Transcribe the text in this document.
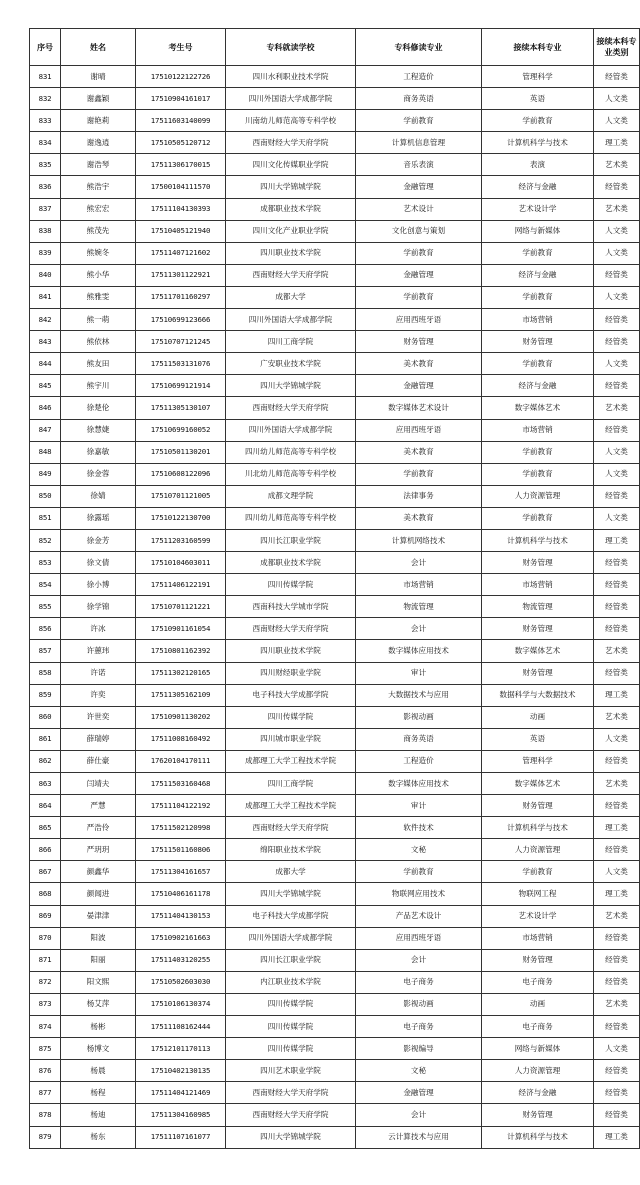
序号	姓名	考生号	专科就读学校	专科修读专业	接续本科专业	接续本科专业类别
831	谢晴	17510122122726	四川水利职业技术学院	工程造价	管理科学	经管类
832	谢鑫颖	17510904161017	四川外国语大学成都学院	商务英语	英语	人文类
833	谢艳莉	17511603140099	川南幼儿师范高等专科学校	学前教育	学前教育	人文类
834	谢逸逍	17510505120712	西南财经大学天府学院	计算机信息管理	计算机科学与技术	理工类
835	谢浩琴	17511306170015	四川文化传媒职业学院	音乐表演	表演	艺术类
836	熊浩宇	17500104111570	四川大学锦城学院	金融管理	经济与金融	经管类
837	熊宏宏	17511104130393	成都职业技术学院	艺术设计	艺术设计学	艺术类
838	熊茂先	17510405121940	四川文化产业职业学院	文化创意与策划	网络与新媒体	人文类
839	熊婉冬	17511407121602	四川职业技术学院	学前教育	学前教育	人文类
840	熊小华	17511301122921	西南财经大学天府学院	金融管理	经济与金融	经管类
841	熊雅雯	17511701160297	成都大学	学前教育	学前教育	人文类
842	熊一萌	17510699123666	四川外国语大学成都学院	应用西班牙语	市场营销	经管类
843	熊依林	17510707121245	四川工商学院	财务管理	财务管理	经管类
844	熊友田	17511503131076	广安职业技术学院	美术教育	学前教育	人文类
845	熊宇川	17510699121914	四川大学锦城学院	金融管理	经济与金融	经管类
846	徐楚伦	17511305130107	西南财经大学天府学院	数字媒体艺术设计	数字媒体艺术	艺术类
847	徐慧婕	17510699160052	四川外国语大学成都学院	应用西班牙语	市场营销	经管类
848	徐嘉敏	17510501130201	四川幼儿师范高等专科学校	美术教育	学前教育	人文类
849	徐金蓉	17510608122096	川北幼儿师范高等专科学校	学前教育	学前教育	人文类
850	徐婧	17510701121005	成都文理学院	法律事务	人力资源管理	经管类
851	徐露瑶	17510122130700	四川幼儿师范高等专科学校	美术教育	学前教育	人文类
852	徐金芳	17511203160599	四川长江职业学院	计算机网络技术	计算机科学与技术	理工类
853	徐文倩	17510104603011	成都职业技术学院	会计	财务管理	经管类
854	徐小博	17511406122191	四川传媒学院	市场营销	市场营销	经管类
855	徐学锦	17510701121221	西南科技大学城市学院	物流管理	物流管理	经管类
856	许冰	17510901161054	西南财经大学天府学院	会计	财务管理	经管类
857	许蕙玮	17510801162392	四川职业技术学院	数字媒体应用技术	数字媒体艺术	艺术类
858	许诺	17511302120165	四川财经职业学院	审计	财务管理	经管类
859	许奕	17511305162109	电子科技大学成都学院	大数据技术与应用	数据科学与大数据技术	理工类
860	许世奕	17510901130202	四川传媒学院	影视动画	动画	艺术类
861	薛瑞婷	17511008160492	四川城市职业学院	商务英语	英语	人文类
862	薛仕豪	17620104170111	成都理工大学工程技术学院	工程造价	管理科学	经管类
863	闫靖夫	17511503160468	四川工商学院	数字媒体应用技术	数字媒体艺术	艺术类
864	严慧	17511104122192	成都理工大学工程技术学院	审计	财务管理	经管类
865	严浩伶	17511502120998	西南财经大学天府学院	软件技术	计算机科学与技术	理工类
866	严玥玥	17511501160806	绵阳职业技术学院	文秘	人力资源管理	经管类
867	颜鑫华	17511304161657	成都大学	学前教育	学前教育	人文类
868	颜闻进	17510406161178	四川大学锦城学院	物联网应用技术	物联网工程	理工类
869	晏津津	17511404130153	电子科技大学成都学院	产品艺术设计	艺术设计学	艺术类
870	阳波	17510902161663	四川外国语大学成都学院	应用西班牙语	市场营销	经管类
871	阳丽	17511403120255	四川长江职业学院	会计	财务管理	经管类
872	阳文熙	17510502603030	内江职业技术学院	电子商务	电子商务	经管类
873	杨艾萍	17510106130374	四川传媒学院	影视动画	动画	艺术类
874	杨彬	17511108162444	四川传媒学院	电子商务	电子商务	经管类
875	杨博文	17512101170113	四川传媒学院	影视编导	网络与新媒体	人文类
876	杨晨	17510402130135	四川艺术职业学院	文秘	人力资源管理	经管类
877	杨程	17511404121469	西南财经大学天府学院	金融管理	经济与金融	经管类
878	杨迪	17511304160985	西南财经大学天府学院	会计	财务管理	经管类
879	杨东	17511107161077	四川大学锦城学院	云计算技术与应用	计算机科学与技术	理工类
